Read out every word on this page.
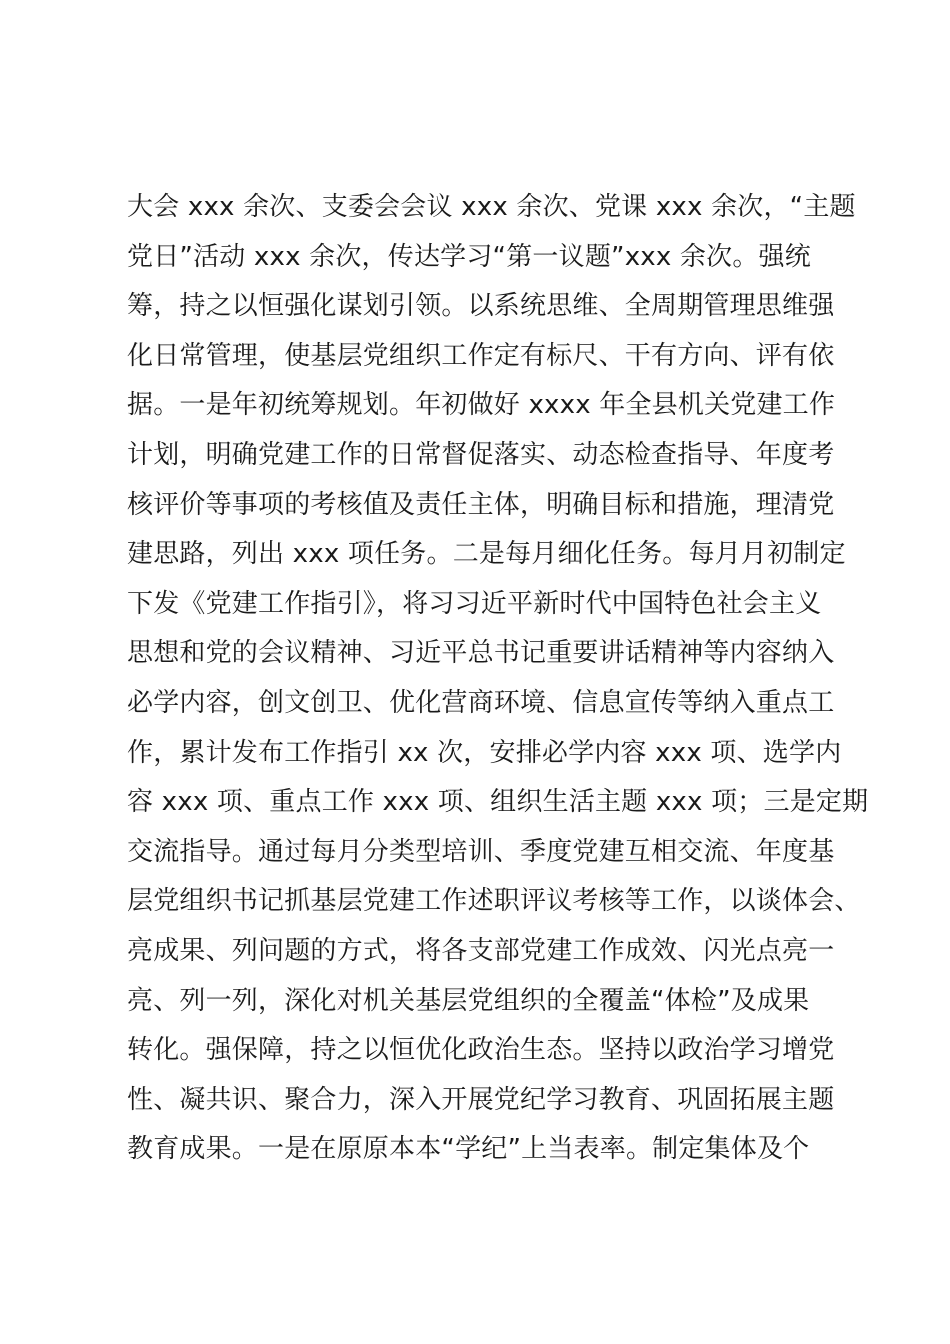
大会 xxx 余次、支委会会议 xxx 余次、党课 xxx 余次，“主题
党日”活动 xxx 余次，传达学习“第一议题”xxx 余次。强统
筹，持之以恒强化谋划引领。以系统思维、全周期管理思维强
化日常管理，使基层党组织工作定有标尺、干有方向、评有依
据。一是年初统筹规划。年初做好 xxxx 年全县机关党建工作
计划，明确党建工作的日常督促落实、动态检查指导、年度考
核评价等事项的考核值及责任主体，明确目标和措施，理清党
建思路，列出 xxx 项任务。二是每月细化任务。每月月初制定
下发《党建工作指引》，将习习近平新时代中国特色社会主义
思想和党的会议精神、习近平总书记重要讲话精神等内容纳入
必学内容，创文创卫、优化营商环境、信息宣传等纳入重点工
作，累计发布工作指引 xx 次，安排必学内容 xxx 项、选学内
容 xxx 项、重点工作 xxx 项、组织生活主题 xxx 项；三是定期
交流指导。通过每月分类型培训、季度党建互相交流、年度基
层党组织书记抓基层党建工作述职评议考核等工作，以谈体会、
亮成果、列问题的方式，将各支部党建工作成效、闪光点亮一
亮、列一列，深化对机关基层党组织的全覆盖“体检”及成果
转化。强保障，持之以恒优化政治生态。坚持以政治学习增党
性、凝共识、聚合力，深入开展党纪学习教育、巩固拓展主题
教育成果。一是在原原本本“学纪”上当表率。制定集体及个
